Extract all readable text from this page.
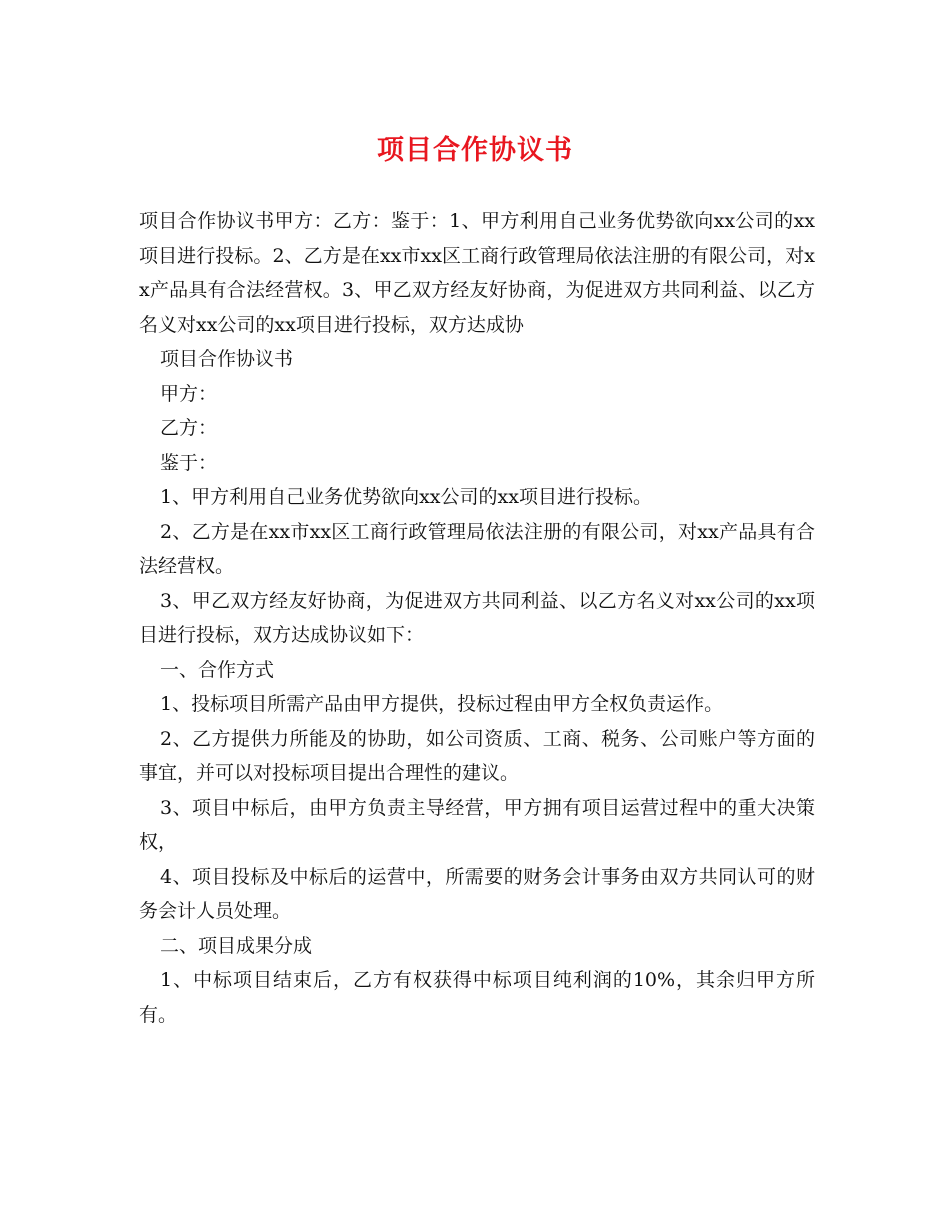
项目合作协议书

项目合作协议书甲方：乙方：鉴于：1、甲方利用自己业务优势欲向xx公司的xx项目进行投标。2、乙方是在xx市xx区工商行政管理局依法注册的有限公司，对xx产品具有合法经营权。3、甲乙双方经友好协商，为促进双方共同利益、以乙方名义对xx公司的xx项目进行投标，双方达成协

项目合作协议书

甲方：

乙方：

鉴于：

1、甲方利用自己业务优势欲向xx公司的xx项目进行投标。

2、乙方是在xx市xx区工商行政管理局依法注册的有限公司，对xx产品具有合法经营权。

3、甲乙双方经友好协商，为促进双方共同利益、以乙方名义对xx公司的xx项目进行投标，双方达成协议如下：

一、合作方式

1、投标项目所需产品由甲方提供，投标过程由甲方全权负责运作。

2、乙方提供力所能及的协助，如公司资质、工商、税务、公司账户等方面的事宜，并可以对投标项目提出合理性的建议。

3、项目中标后，由甲方负责主导经营，甲方拥有项目运营过程中的重大决策权，

4、项目投标及中标后的运营中，所需要的财务会计事务由双方共同认可的财务会计人员处理。

二、项目成果分成

1、中标项目结束后，乙方有权获得中标项目纯利润的10%，其余归甲方所有。
